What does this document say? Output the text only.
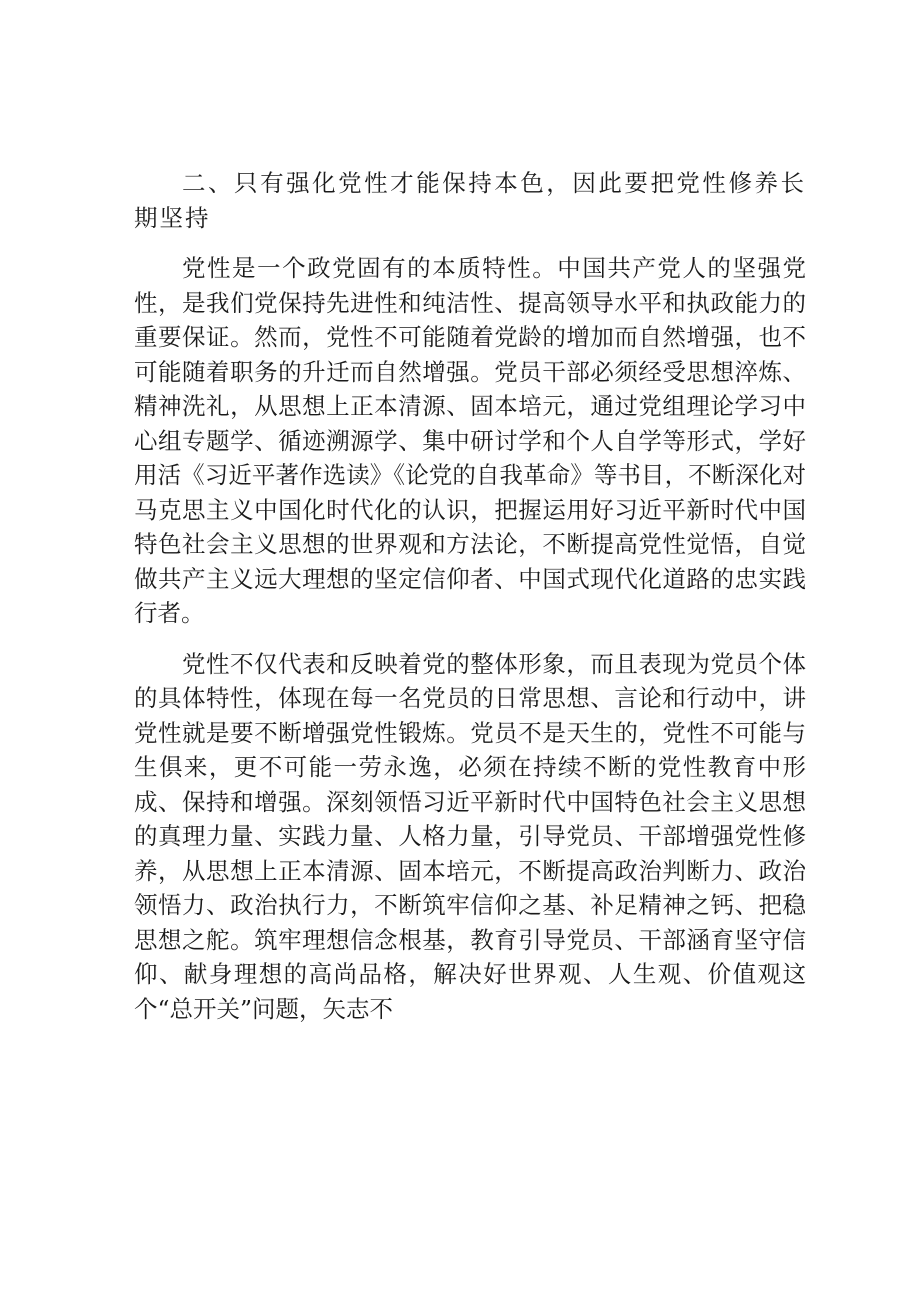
二、只有强化党性才能保持本色，因此要把党性修养长期坚持

党性是一个政党固有的本质特性。中国共产党人的坚强党性，是我们党保持先进性和纯洁性、提高领导水平和执政能力的重要保证。然而，党性不可能随着党龄的增加而自然增强，也不可能随着职务的升迁而自然增强。党员干部必须经受思想淬炼、精神洗礼，从思想上正本清源、固本培元，通过党组理论学习中心组专题学、循迹溯源学、集中研讨学和个人自学等形式，学好用活《习近平著作选读》《论党的自我革命》等书目，不断深化对马克思主义中国化时代化的认识，把握运用好习近平新时代中国特色社会主义思想的世界观和方法论，不断提高党性觉悟，自觉做共产主义远大理想的坚定信仰者、中国式现代化道路的忠实践行者。

党性不仅代表和反映着党的整体形象，而且表现为党员个体的具体特性，体现在每一名党员的日常思想、言论和行动中，讲党性就是要不断增强党性锻炼。党员不是天生的，党性不可能与生俱来，更不可能一劳永逸，必须在持续不断的党性教育中形成、保持和增强。深刻领悟习近平新时代中国特色社会主义思想的真理力量、实践力量、人格力量，引导党员、干部增强党性修养，从思想上正本清源、固本培元，不断提高政治判断力、政治领悟力、政治执行力，不断筑牢信仰之基、补足精神之钙、把稳思想之舵。筑牢理想信念根基，教育引导党员、干部涵育坚守信仰、献身理想的高尚品格，解决好世界观、人生观、价值观这个“总开关”问题，矢志不
